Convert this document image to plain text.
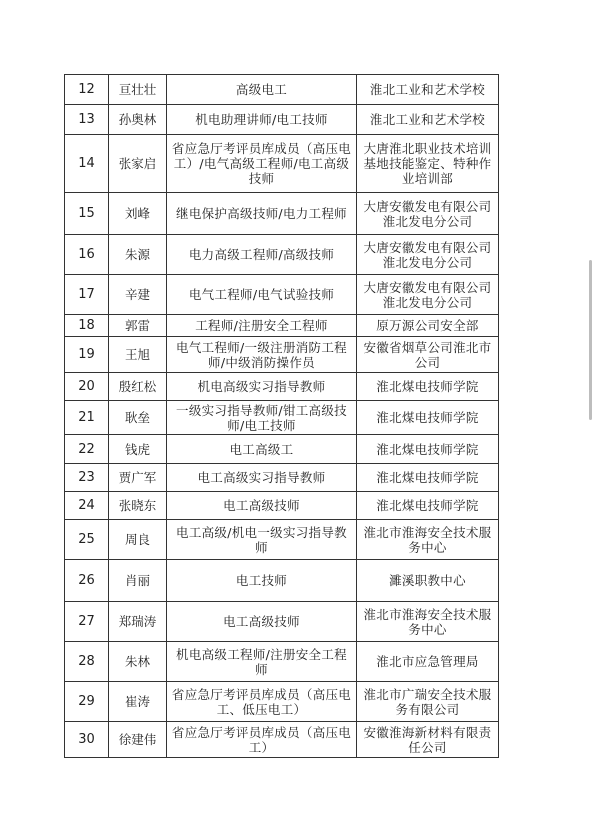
12	亘壮壮	高级电工	淮北工业和艺术学校
13	孙奥林	机电助理讲师/电工技师	淮北工业和艺术学校
14	张家启	省应急厅考评员库成员（高压电工）/电气高级工程师/电工高级技师	大唐淮北职业技术培训基地技能鉴定、特种作业培训部
15	刘峰	继电保护高级技师/电力工程师	大唐安徽发电有限公司淮北发电分公司
16	朱源	电力高级工程师/高级技师	大唐安徽发电有限公司淮北发电分公司
17	辛建	电气工程师/电气试验技师	大唐安徽发电有限公司淮北发电分公司
18	郭雷	工程师/注册安全工程师	原万源公司安全部
19	王旭	电气工程师/一级注册消防工程师/中级消防操作员	安徽省烟草公司淮北市公司
20	殷红松	机电高级实习指导教师	淮北煤电技师学院
21	耿垒	一级实习指导教师/钳工高级技师/电工技师	淮北煤电技师学院
22	钱虎	电工高级工	淮北煤电技师学院
23	贾广军	电工高级实习指导教师	淮北煤电技师学院
24	张晓东	电工高级技师	淮北煤电技师学院
25	周良	电工高级/机电一级实习指导教师	淮北市淮海安全技术服务中心
26	肖丽	电工技师	濉溪职教中心
27	郑瑞涛	电工高级技师	淮北市淮海安全技术服务中心
28	朱林	机电高级工程师/注册安全工程师	淮北市应急管理局
29	崔涛	省应急厅考评员库成员（高压电工、低压电工）	淮北市广瑞安全技术服务有限公司
30	徐建伟	省应急厅考评员库成员（高压电工）	安徽淮海新材料有限责任公司
